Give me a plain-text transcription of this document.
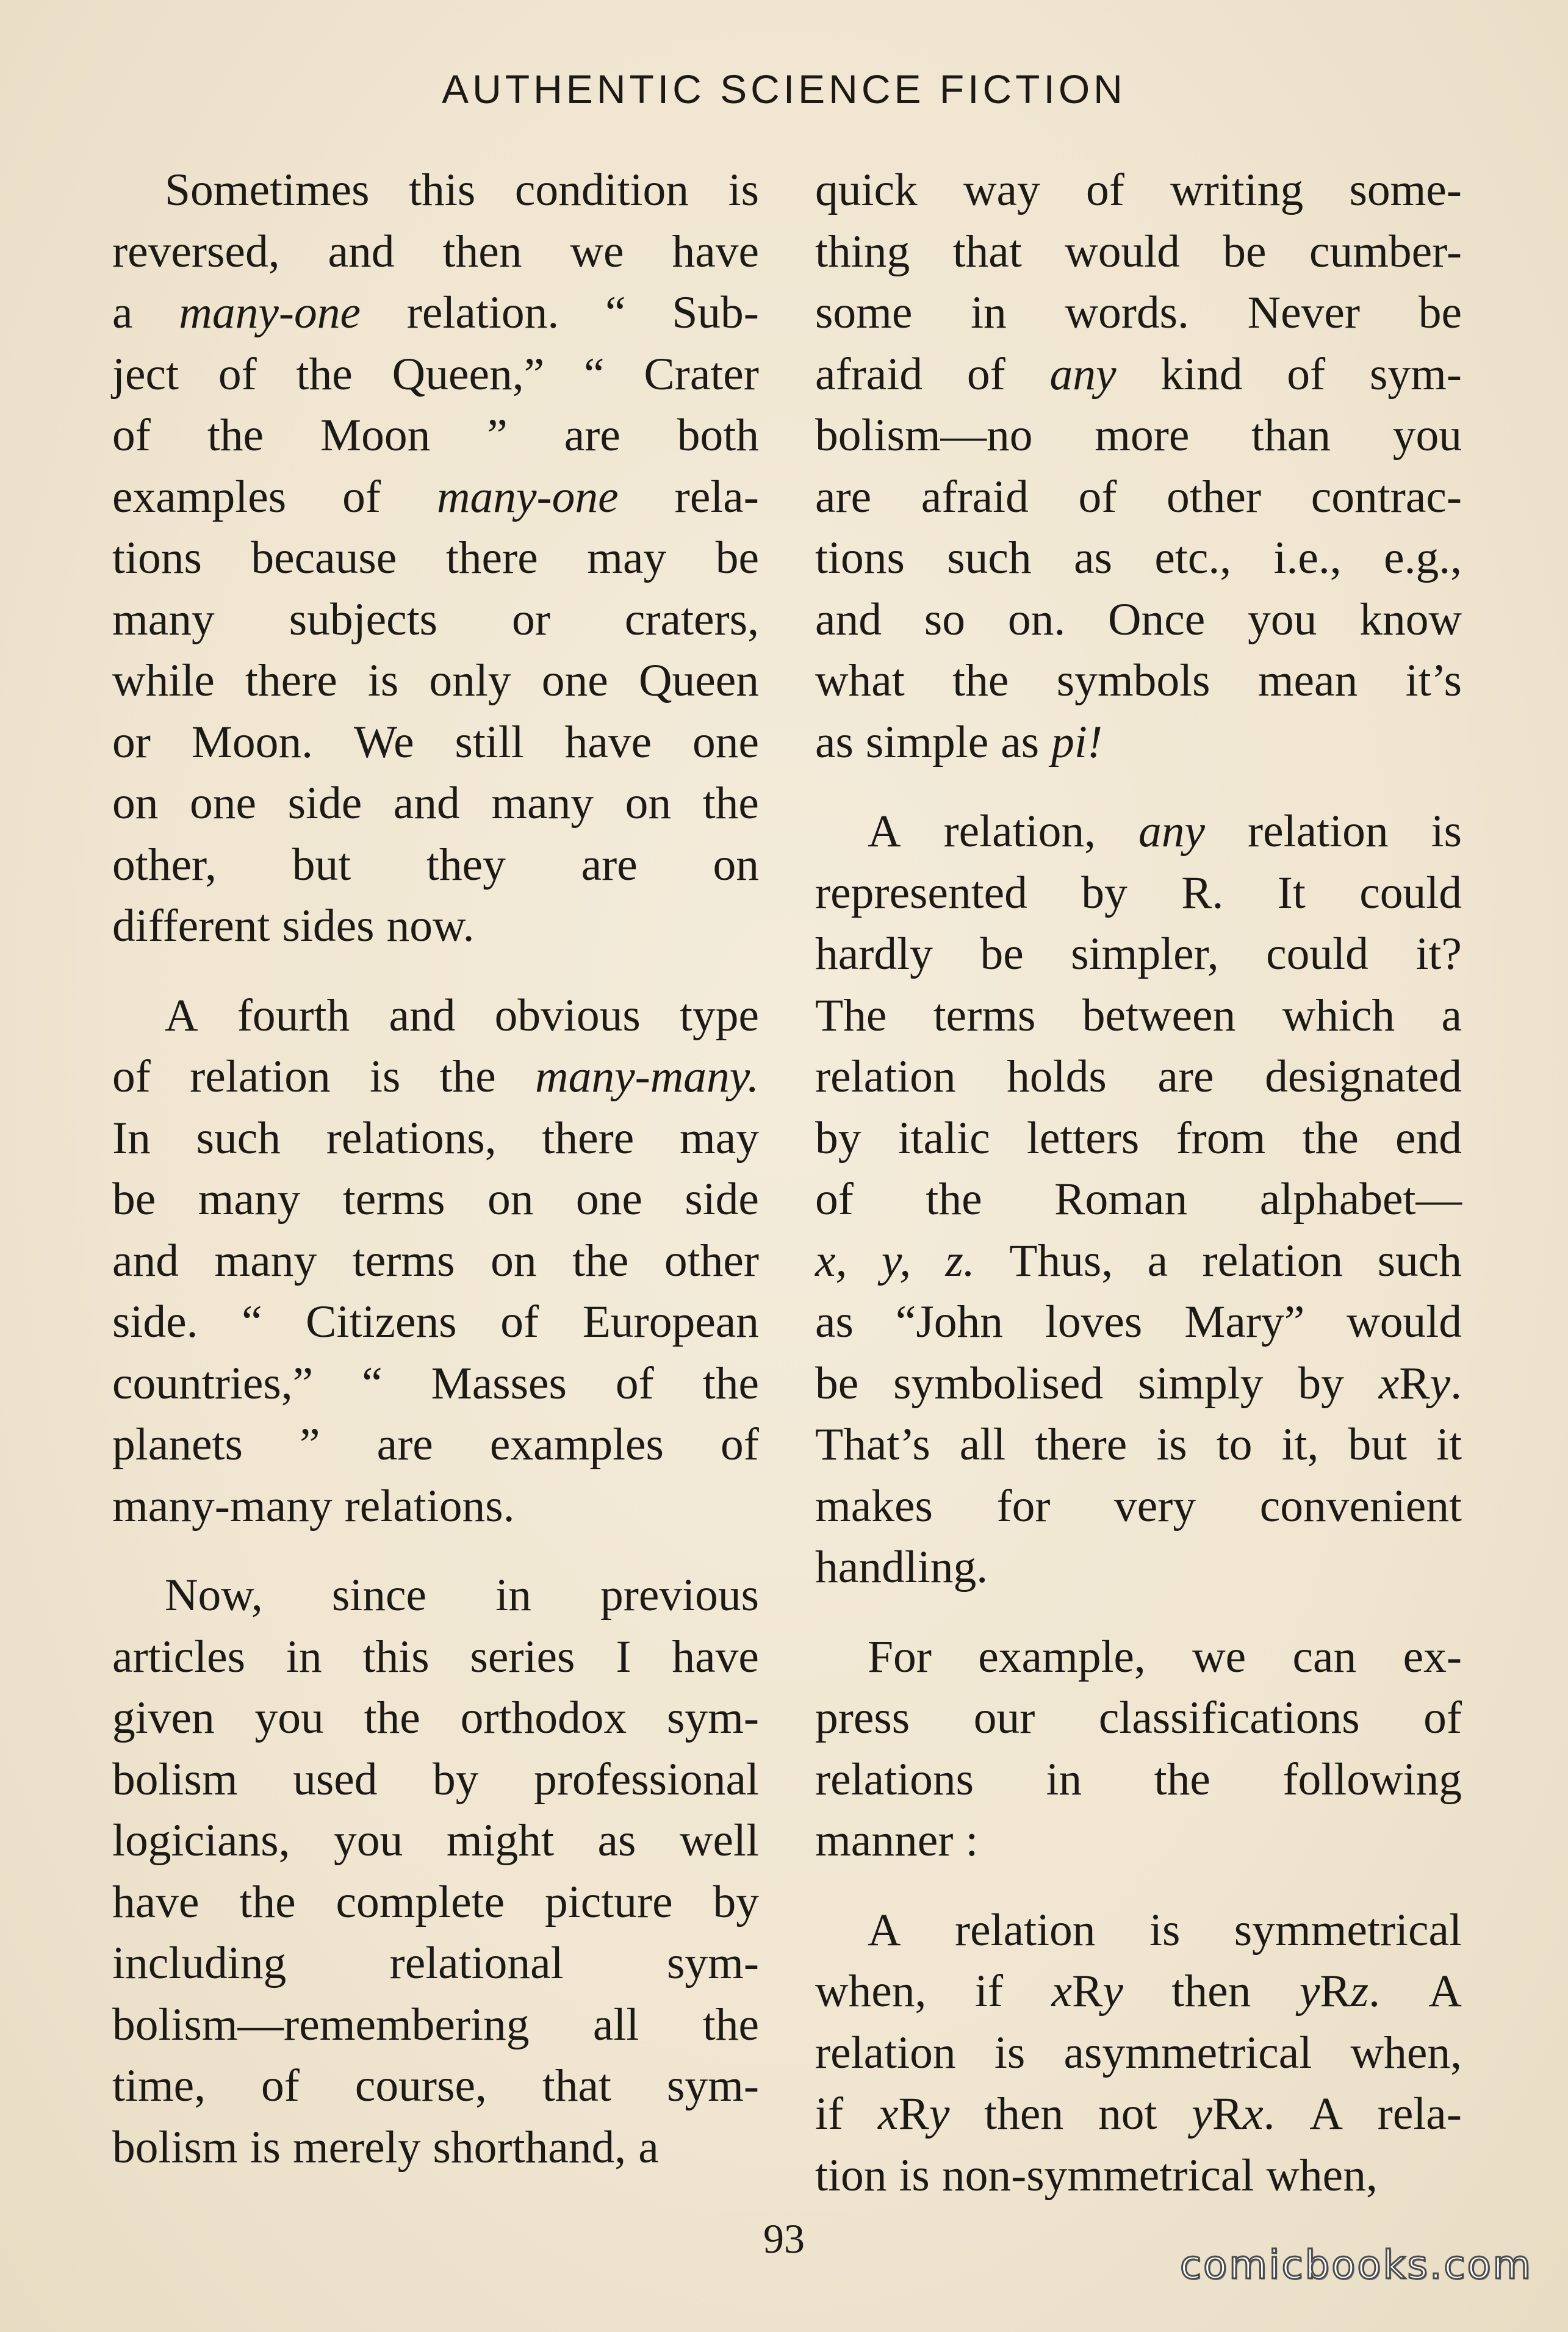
AUTHENTIC SCIENCE FICTION
Sometimes this condition is
reversed, and then we have
a many-one relation. “ Sub-
ject of the Queen,” “ Crater
of the Moon ” are both
examples of many-one rela-
tions because there may be
many subjects or craters,
while there is only one Queen
or Moon. We still have one
on one side and many on the
other, but they are on
different sides now.
A fourth and obvious type
of relation is the many-many.
In such relations, there may
be many terms on one side
and many terms on the other
side. “ Citizens of European
countries,” “ Masses of the
planets ” are examples of
many-many relations.
Now, since in previous
articles in this series I have
given you the orthodox sym-
bolism used by professional
logicians, you might as well
have the complete picture by
including relational sym-
bolism—remembering all the
time, of course, that sym-
bolism is merely shorthand, a
quick way of writing some-
thing that would be cumber-
some in words. Never be
afraid of any kind of sym-
bolism—no more than you
are afraid of other contrac-
tions such as etc., i.e., e.g.,
and so on. Once you know
what the symbols mean it’s
as simple as pi!
A relation, any relation is
represented by R. It could
hardly be simpler, could it?
The terms between which a
relation holds are designated
by italic letters from the end
of the Roman alphabet—
x, y, z. Thus, a relation such
as “John loves Mary” would
be symbolised simply by xRy.
That’s all there is to it, but it
makes for very convenient
handling.
For example, we can ex-
press our classifications of
relations in the following
manner :
A relation is symmetrical
when, if xRy then yRz. A
relation is asymmetrical when,
if xRy then not yRx. A rela-
tion is non-symmetrical when,
93
comicbooks.com
